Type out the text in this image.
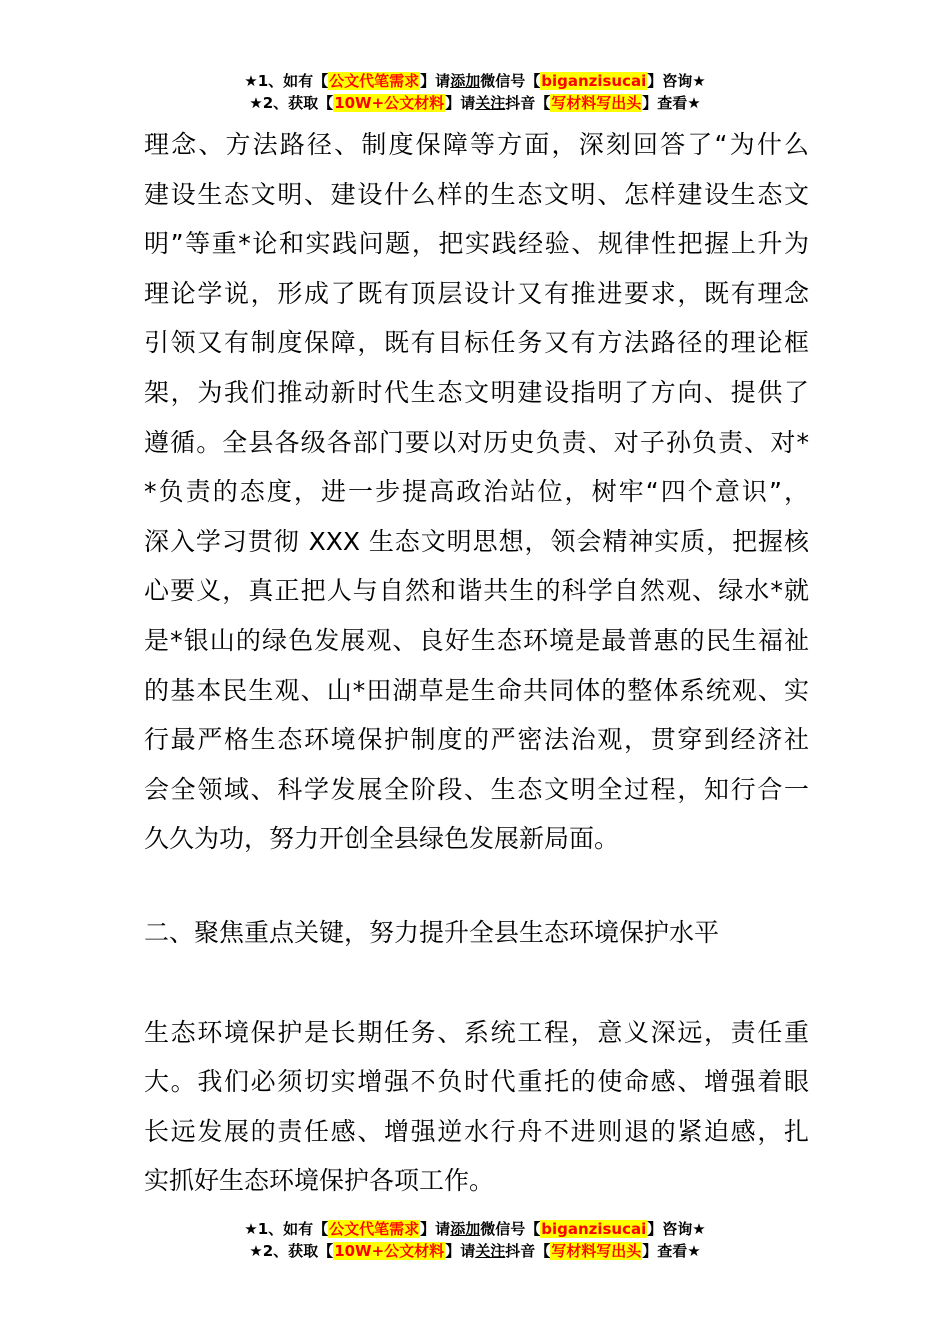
★1、如有【公文代笔需求】请添加微信号【biganzisucai】咨询★
★2、获取【10W+公文材料】请关注抖音【写材料写出头】查看★

理念、方法路径、制度保障等方面，深刻回答了“为什么
建设生态文明、建设什么样的生态文明、怎样建设生态文
明”等重*论和实践问题，把实践经验、规律性把握上升为
理论学说，形成了既有顶层设计又有推进要求，既有理念
引领又有制度保障，既有目标任务又有方法路径的理论框
架，为我们推动新时代生态文明建设指明了方向、提供了
遵循。全县各级各部门要以对历史负责、对子孙负责、对*
*负责的态度，进一步提高政治站位，树牢“四个意识”，
深入学习贯彻 XXX 生态文明思想，领会精神实质，把握核
心要义，真正把人与自然和谐共生的科学自然观、绿水*就
是*银山的绿色发展观、良好生态环境是最普惠的民生福祉
的基本民生观、山*田湖草是生命共同体的整体系统观、实
行最严格生态环境保护制度的严密法治观，贯穿到经济社
会全领域、科学发展全阶段、生态文明全过程，知行合一
久久为功，努力开创全县绿色发展新局面。

二、聚焦重点关键，努力提升全县生态环境保护水平

生态环境保护是长期任务、系统工程，意义深远，责任重
大。我们必须切实增强不负时代重托的使命感、增强着眼
长远发展的责任感、增强逆水行舟不进则退的紧迫感，扎
实抓好生态环境保护各项工作。

★1、如有【公文代笔需求】请添加微信号【biganzisucai】咨询★
★2、获取【10W+公文材料】请关注抖音【写材料写出头】查看★
